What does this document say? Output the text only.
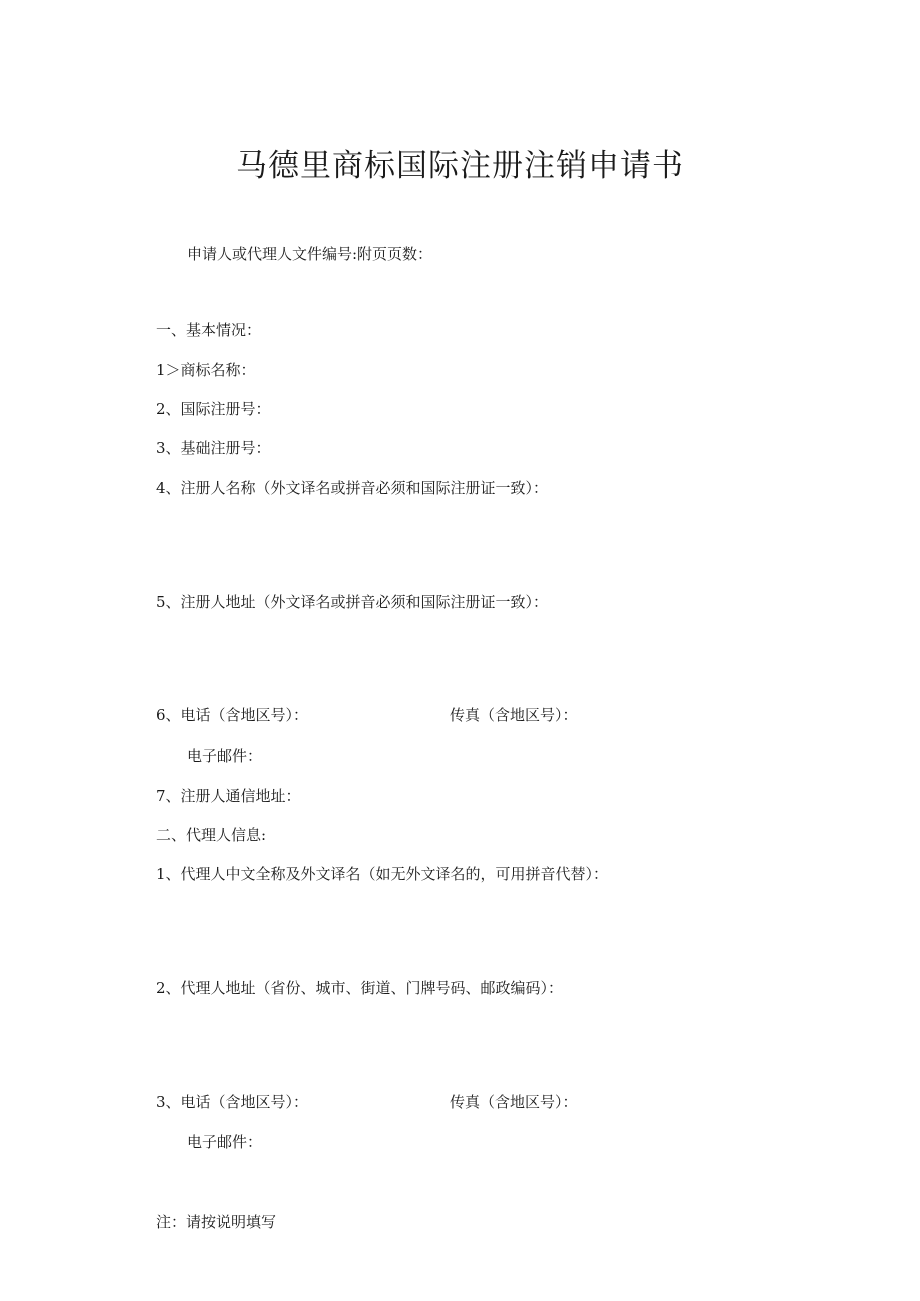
马德里商标国际注册注销申请书

申请人或代理人文件编号:附页页数：

一、基本情况：

1＞商标名称：

2、国际注册号：

3、基础注册号：

4、注册人名称（外文译名或拼音必须和国际注册证一致）：

5、注册人地址（外文译名或拼音必须和国际注册证一致）：

6、电话（含地区号）：	传真（含地区号）：

电子邮件：

7、注册人通信地址：

二、代理人信息:

1、代理人中文全称及外文译名（如无外文译名的，可用拼音代替）：

2、代理人地址（省份、城市、街道、门牌号码、邮政编码）：

3、电话（含地区号）：	传真（含地区号）：

电子邮件：

注：请按说明填写
